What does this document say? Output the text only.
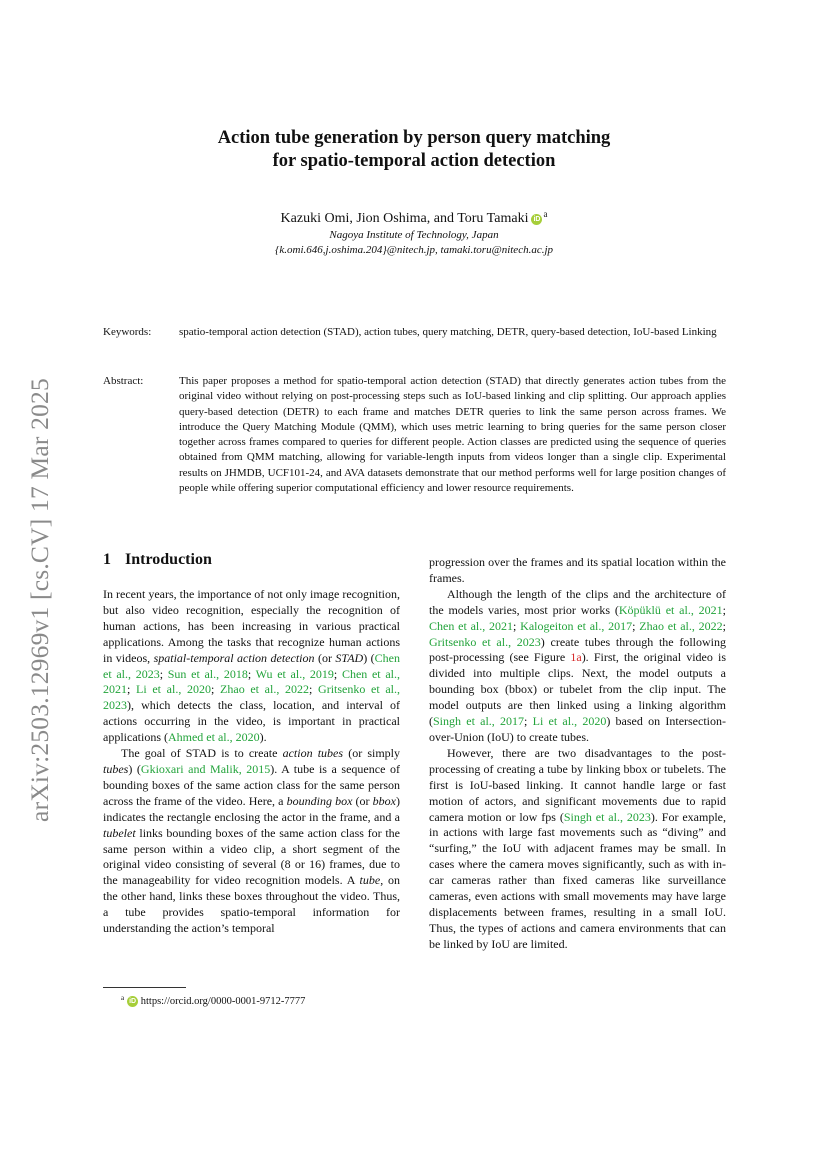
arXiv:2503.12969v1 [cs.CV] 17 Mar 2025
Action tube generation by person query matching
for spatio-temporal action detection
Kazuki Omi, Jion Oshima, and Toru Tamaki $iD^a$
Nagoya Institute of Technology, Japan
{k.omi.646,j.oshima.204}@nitech.jp, tamaki.toru@nitech.ac.jp
Keywords:	spatio-temporal action detection (STAD), action tubes, query matching, DETR, query-based detection, IoU-based Linking
Abstract:	This paper proposes a method for spatio-temporal action detection (STAD) that directly generates action tubes from the original video without relying on post-processing steps such as IoU-based linking and clip splitting. Our approach applies query-based detection (DETR) to each frame and matches DETR queries to link the same person across frames. We introduce the Query Matching Module (QMM), which uses metric learning to bring queries for the same person closer together across frames compared to queries for different people. Action classes are predicted using the sequence of queries obtained from QMM matching, allowing for variable-length inputs from videos longer than a single clip. Experimental results on JHMDB, UCF101-24, and AVA datasets demonstrate that our method performs well for large position changes of people while offering superior computational efficiency and lower resource requirements.
1 Introduction

In recent years, the importance of not only image recognition, but also video recognition, especially the recognition of human actions, has been increasing in various practical applications. Among the tasks that recognize human actions in videos, spatial-temporal action detection (or STAD) (Chen et al., 2023; Sun et al., 2018; Wu et al., 2019; Chen et al., 2021; Li et al., 2020; Zhao et al., 2022; Gritsenko et al., 2023), which detects the class, location, and interval of actions occurring in the video, is important in practical applications (Ahmed et al., 2020).

The goal of STAD is to create action tubes (or simply tubes) (Gkioxari and Malik, 2015). A tube is a sequence of bounding boxes of the same action class for the same person across the frame of the video. Here, a bounding box (or bbox) indicates the rectangle enclosing the actor in the frame, and a tubelet links bounding boxes of the same action class for the same person within a video clip, a short segment of the original video consisting of several (8 or 16) frames, due to the manageability for video recognition models. A tube, on the other hand, links these boxes throughout the video. Thus, a tube provides spatio-temporal information for understanding the action’s temporal

progression over the frames and its spatial location within the frames.

Although the length of the clips and the architecture of the models varies, most prior works (Köpüklü et al., 2021; Chen et al., 2021; Kalogeiton et al., 2017; Zhao et al., 2022; Gritsenko et al., 2023) create tubes through the following post-processing (see Figure 1a). First, the original video is divided into multiple clips. Next, the model outputs a bounding box (bbox) or tubelet from the clip input. The model outputs are then linked using a linking algorithm (Singh et al., 2017; Li et al., 2020) based on Intersection-over-Union (IoU) to create tubes.

However, there are two disadvantages to the post-processing of creating a tube by linking bbox or tubelets. The first is IoU-based linking. It cannot handle large or fast motion of actors, and significant movements due to rapid camera motion or low fps (Singh et al., 2023). For example, in actions with large fast movements such as “diving” and “surfing,” the IoU with adjacent frames may be small. In cases where the camera moves significantly, such as with in-car cameras rather than fixed cameras like surveillance cameras, even actions with small movements may have large displacements between frames, resulting in a small IoU. Thus, the types of actions and camera environments that can be linked by IoU are limited.

$^a$ iD https://orcid.org/0000-0001-9712-7777
